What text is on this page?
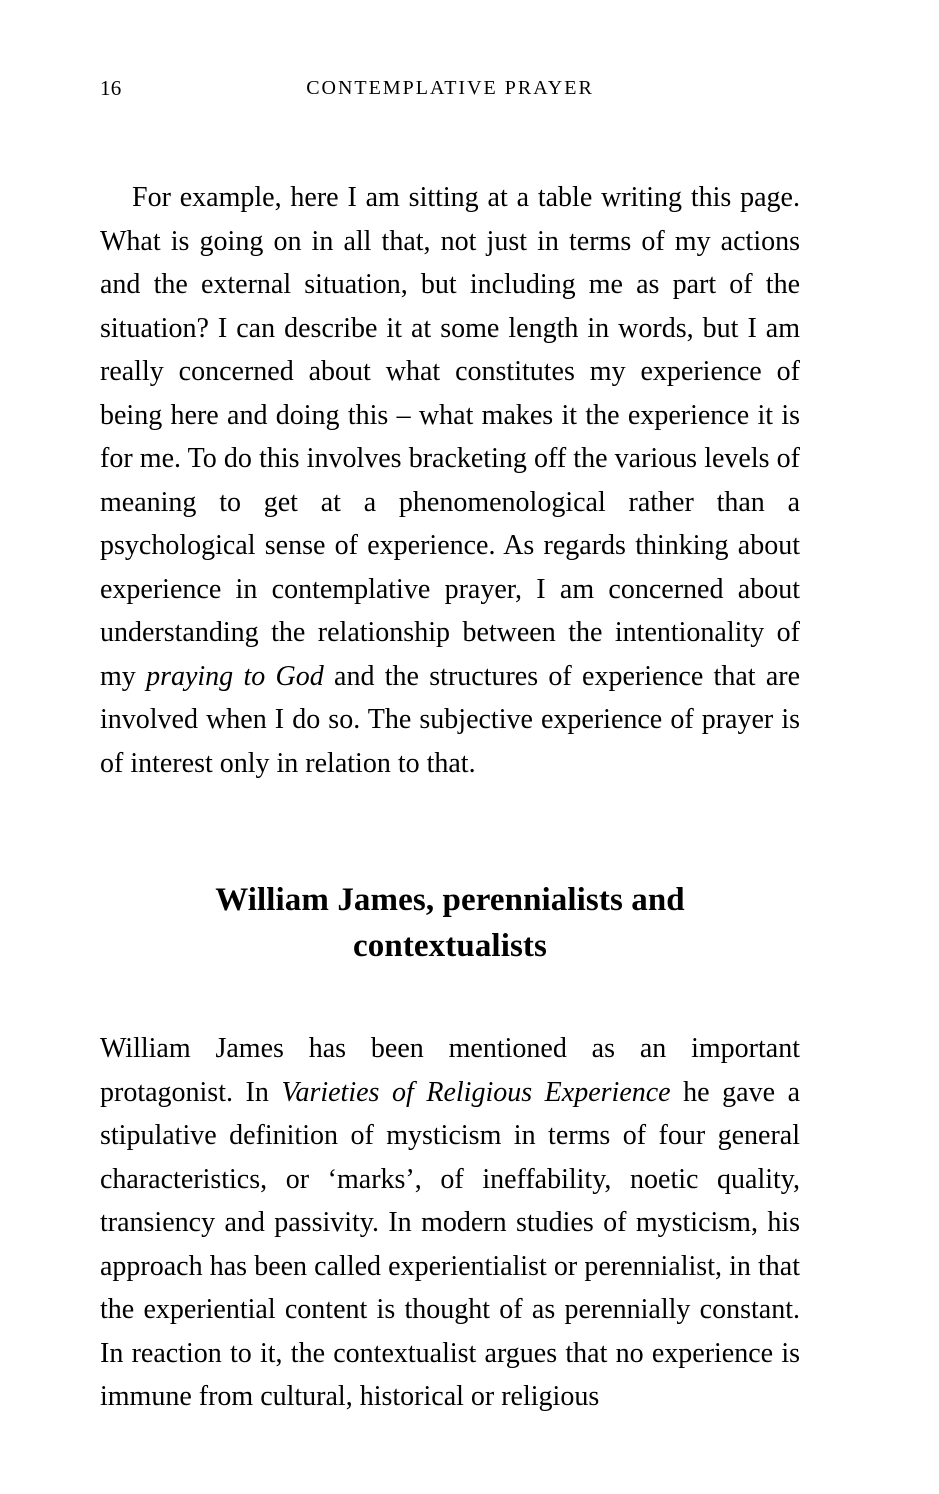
16	CONTEMPLATIVE PRAYER

For example, here I am sitting at a table writing this page. What is going on in all that, not just in terms of my actions and the external situation, but including me as part of the situation? I can describe it at some length in words, but I am really concerned about what constitutes my experience of being here and doing this – what makes it the experience it is for me. To do this involves bracketing off the various levels of meaning to get at a phenomenological rather than a psychological sense of experience. As regards thinking about experience in contemplative prayer, I am concerned about understanding the relationship between the intentionality of my praying to God and the structures of experience that are involved when I do so. The subjective experience of prayer is of interest only in relation to that.

William James, perennialists and
contextualists

William James has been mentioned as an important protagonist. In Varieties of Religious Experience he gave a stipulative definition of mysticism in terms of four general characteristics, or ‘marks’, of ineffability, noetic quality, transiency and passivity. In modern studies of mysticism, his approach has been called experientialist or perennialist, in that the experiential content is thought of as perennially constant. In reaction to it, the contextualist argues that no experience is immune from cultural, historical or religious
